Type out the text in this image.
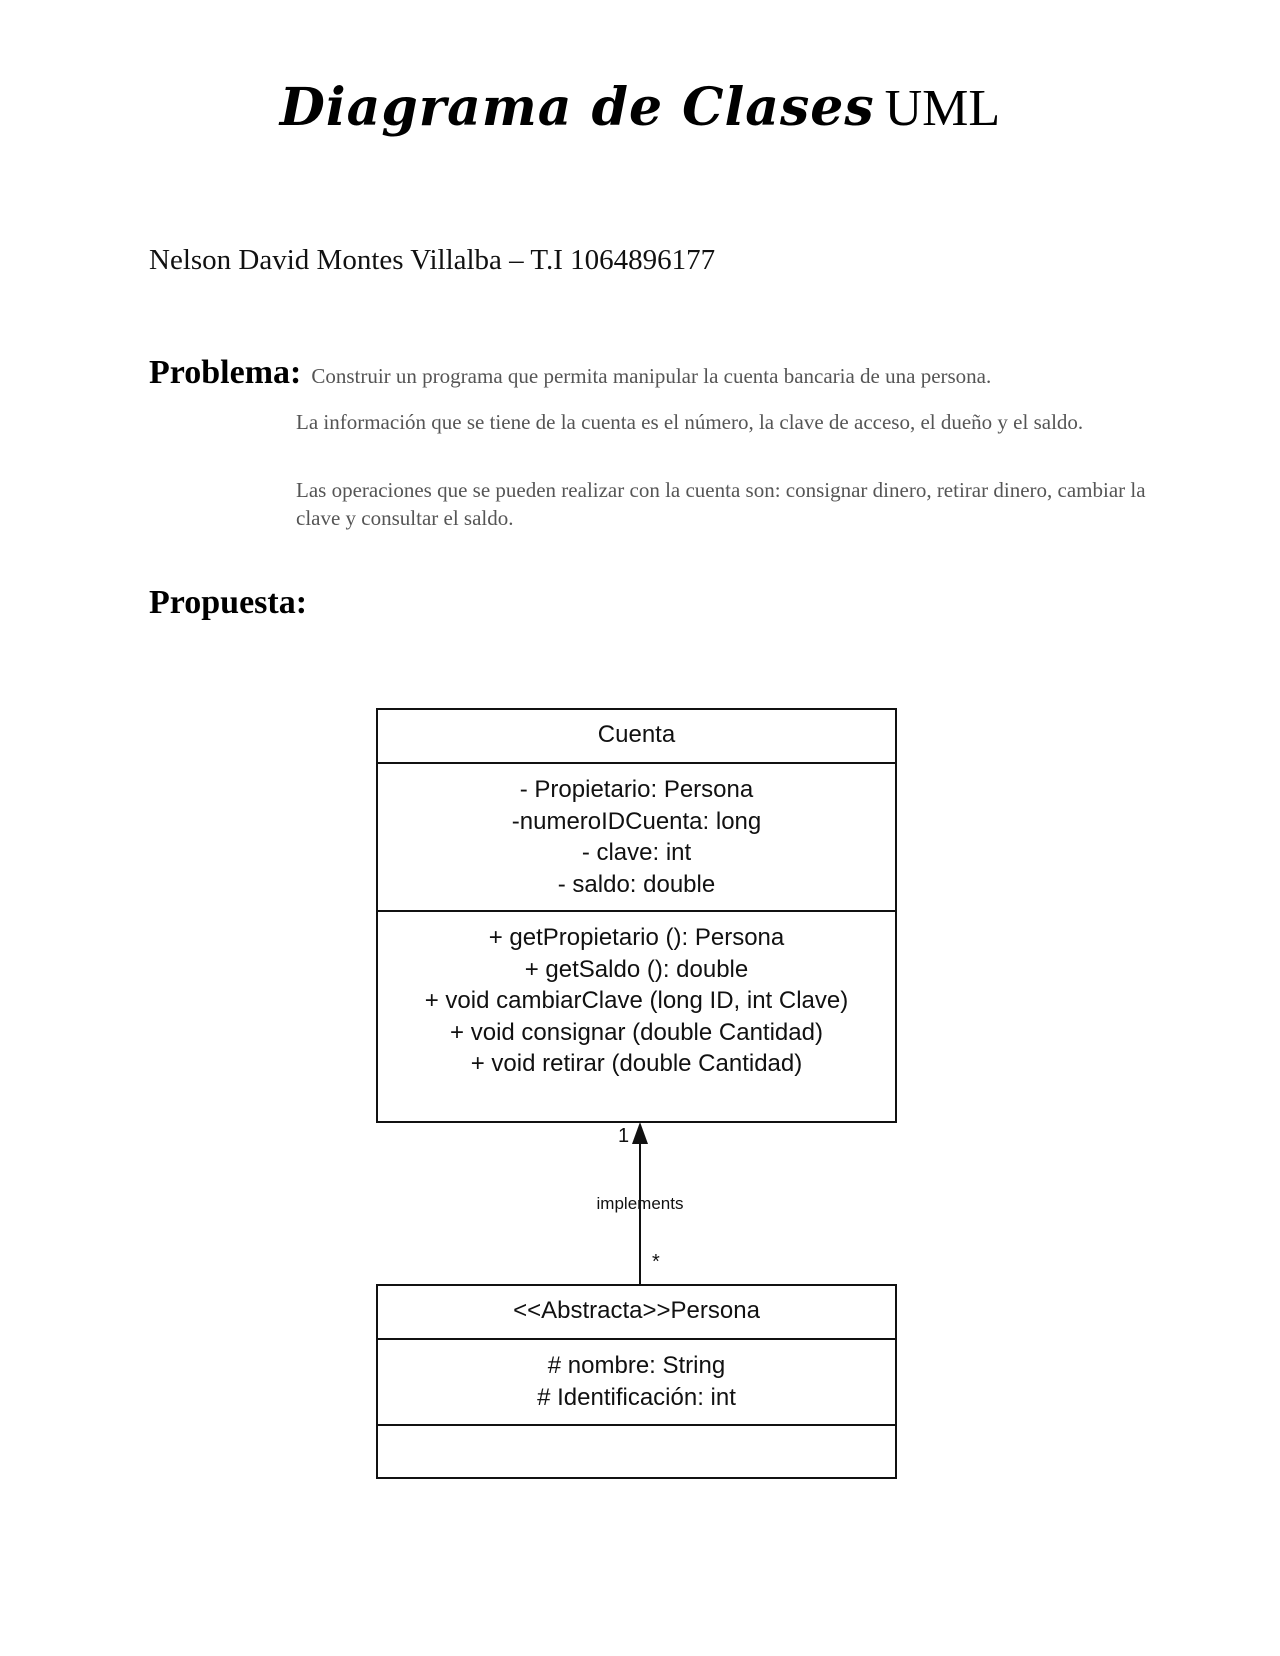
Diagrama de Clases UML
Nelson David Montes Villalba – T.I 1064896177
Problema: Construir un programa que permita manipular la cuenta bancaria de una persona.
La información que se tiene de la cuenta es el número, la clave de acceso, el dueño y el saldo.
Las operaciones que se pueden realizar con la cuenta son: consignar dinero, retirar dinero, cambiar la clave y consultar el saldo.
Propuesta:
Cuenta
- Propietario: Persona
-numeroIDCuenta: long
- clave: int
- saldo: double
+ getPropietario (): Persona
+ getSaldo (): double
+ void cambiarClave (long ID, int Clave)
+ void consignar (double Cantidad)
+ void retirar (double Cantidad)
1
implements
*
<<Abstracta>>Persona
# nombre: String
# Identificación: int
